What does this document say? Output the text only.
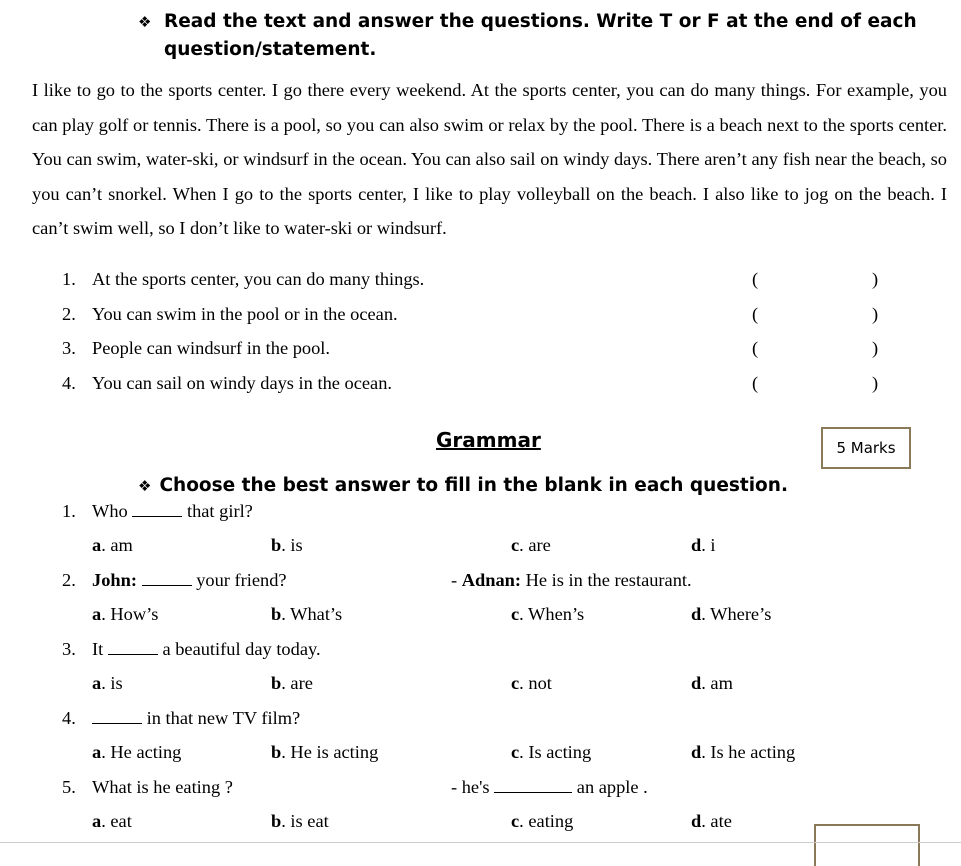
❖ Read the text and answer the questions. Write T or F at the end of each
question/statement.
I like to go to the sports center. I go there every weekend. At the sports center, you can do many things. For example, you can play golf or tennis. There is a pool, so you can also swim or relax by the pool. There is a beach next to the sports center. You can swim, water-ski, or windsurf in the ocean. You can also sail on windy days. There aren’t any fish near the beach, so you can’t snorkel. When I go to the sports center, I like to play volleyball on the beach. I also like to jog on the beach. I can’t swim well, so I don’t like to water-ski or windsurf.
1. At the sports center, you can do many things.	(	)
2. You can swim in the pool or in the ocean.	(	)
3. People can windsurf in the pool.	(	)
4. You can sail on windy days in the ocean.	(	)
Grammar	5 Marks
❖ Choose the best answer to fill in the blank in each question.
1. Who	that girl?
a. am	b. is	c. are	d. i
2. John:	your friend?	- Adnan: He is in the restaurant.
a. How’s	b. What’s	c. When’s	d. Where’s
3. It	a beautiful day today.
a. is	b. are	c. not	d. am
4.	in that new TV film?
a. He acting	b. He is acting	c. Is acting	d. Is he acting
5. What is he eating ?	- he's	an apple .
a. eat	b. is eat	c. eating	d. ate
